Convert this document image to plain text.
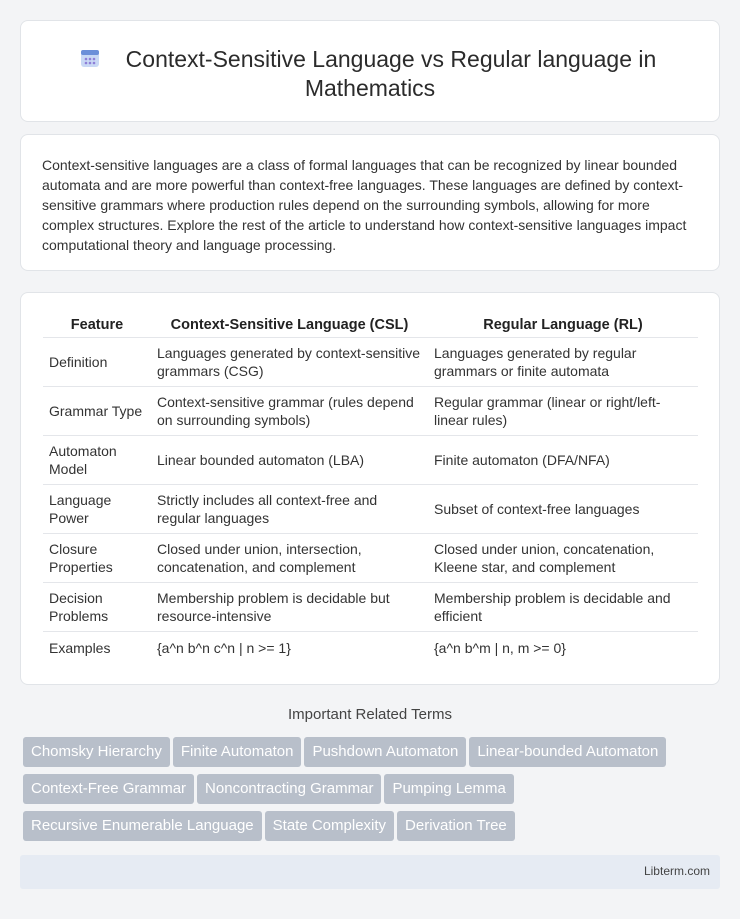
Context-Sensitive Language vs Regular language in
Mathematics

Context-sensitive languages are a class of formal languages that can be recognized by linear bounded automata and are more powerful than context-free languages. These languages are defined by context-sensitive grammars where production rules depend on the surrounding symbols, allowing for more complex structures. Explore the rest of the article to understand how context-sensitive languages impact computational theory and language processing.

Feature	Context-Sensitive Language (CSL)	Regular Language (RL)
Definition	Languages generated by context-sensitive grammars (CSG)	Languages generated by regular grammars or finite automata
Grammar Type	Context-sensitive grammar (rules depend on surrounding symbols)	Regular grammar (linear or right/left-linear rules)
Automaton Model	Linear bounded automaton (LBA)	Finite automaton (DFA/NFA)
Language Power	Strictly includes all context-free and regular languages	Subset of context-free languages
Closure Properties	Closed under union, intersection, concatenation, and complement	Closed under union, concatenation, Kleene star, and complement
Decision Problems	Membership problem is decidable but resource-intensive	Membership problem is decidable and efficient
Examples	{a^n b^n c^n | n >= 1}	{a^n b^m | n, m >= 0}
Important Related Terms
Chomsky Hierarchy Finite Automaton Pushdown Automaton Linear-bounded Automaton
Context-Free Grammar Noncontracting Grammar Pumping Lemma
Recursive Enumerable Language State Complexity Derivation Tree
Libterm.com
